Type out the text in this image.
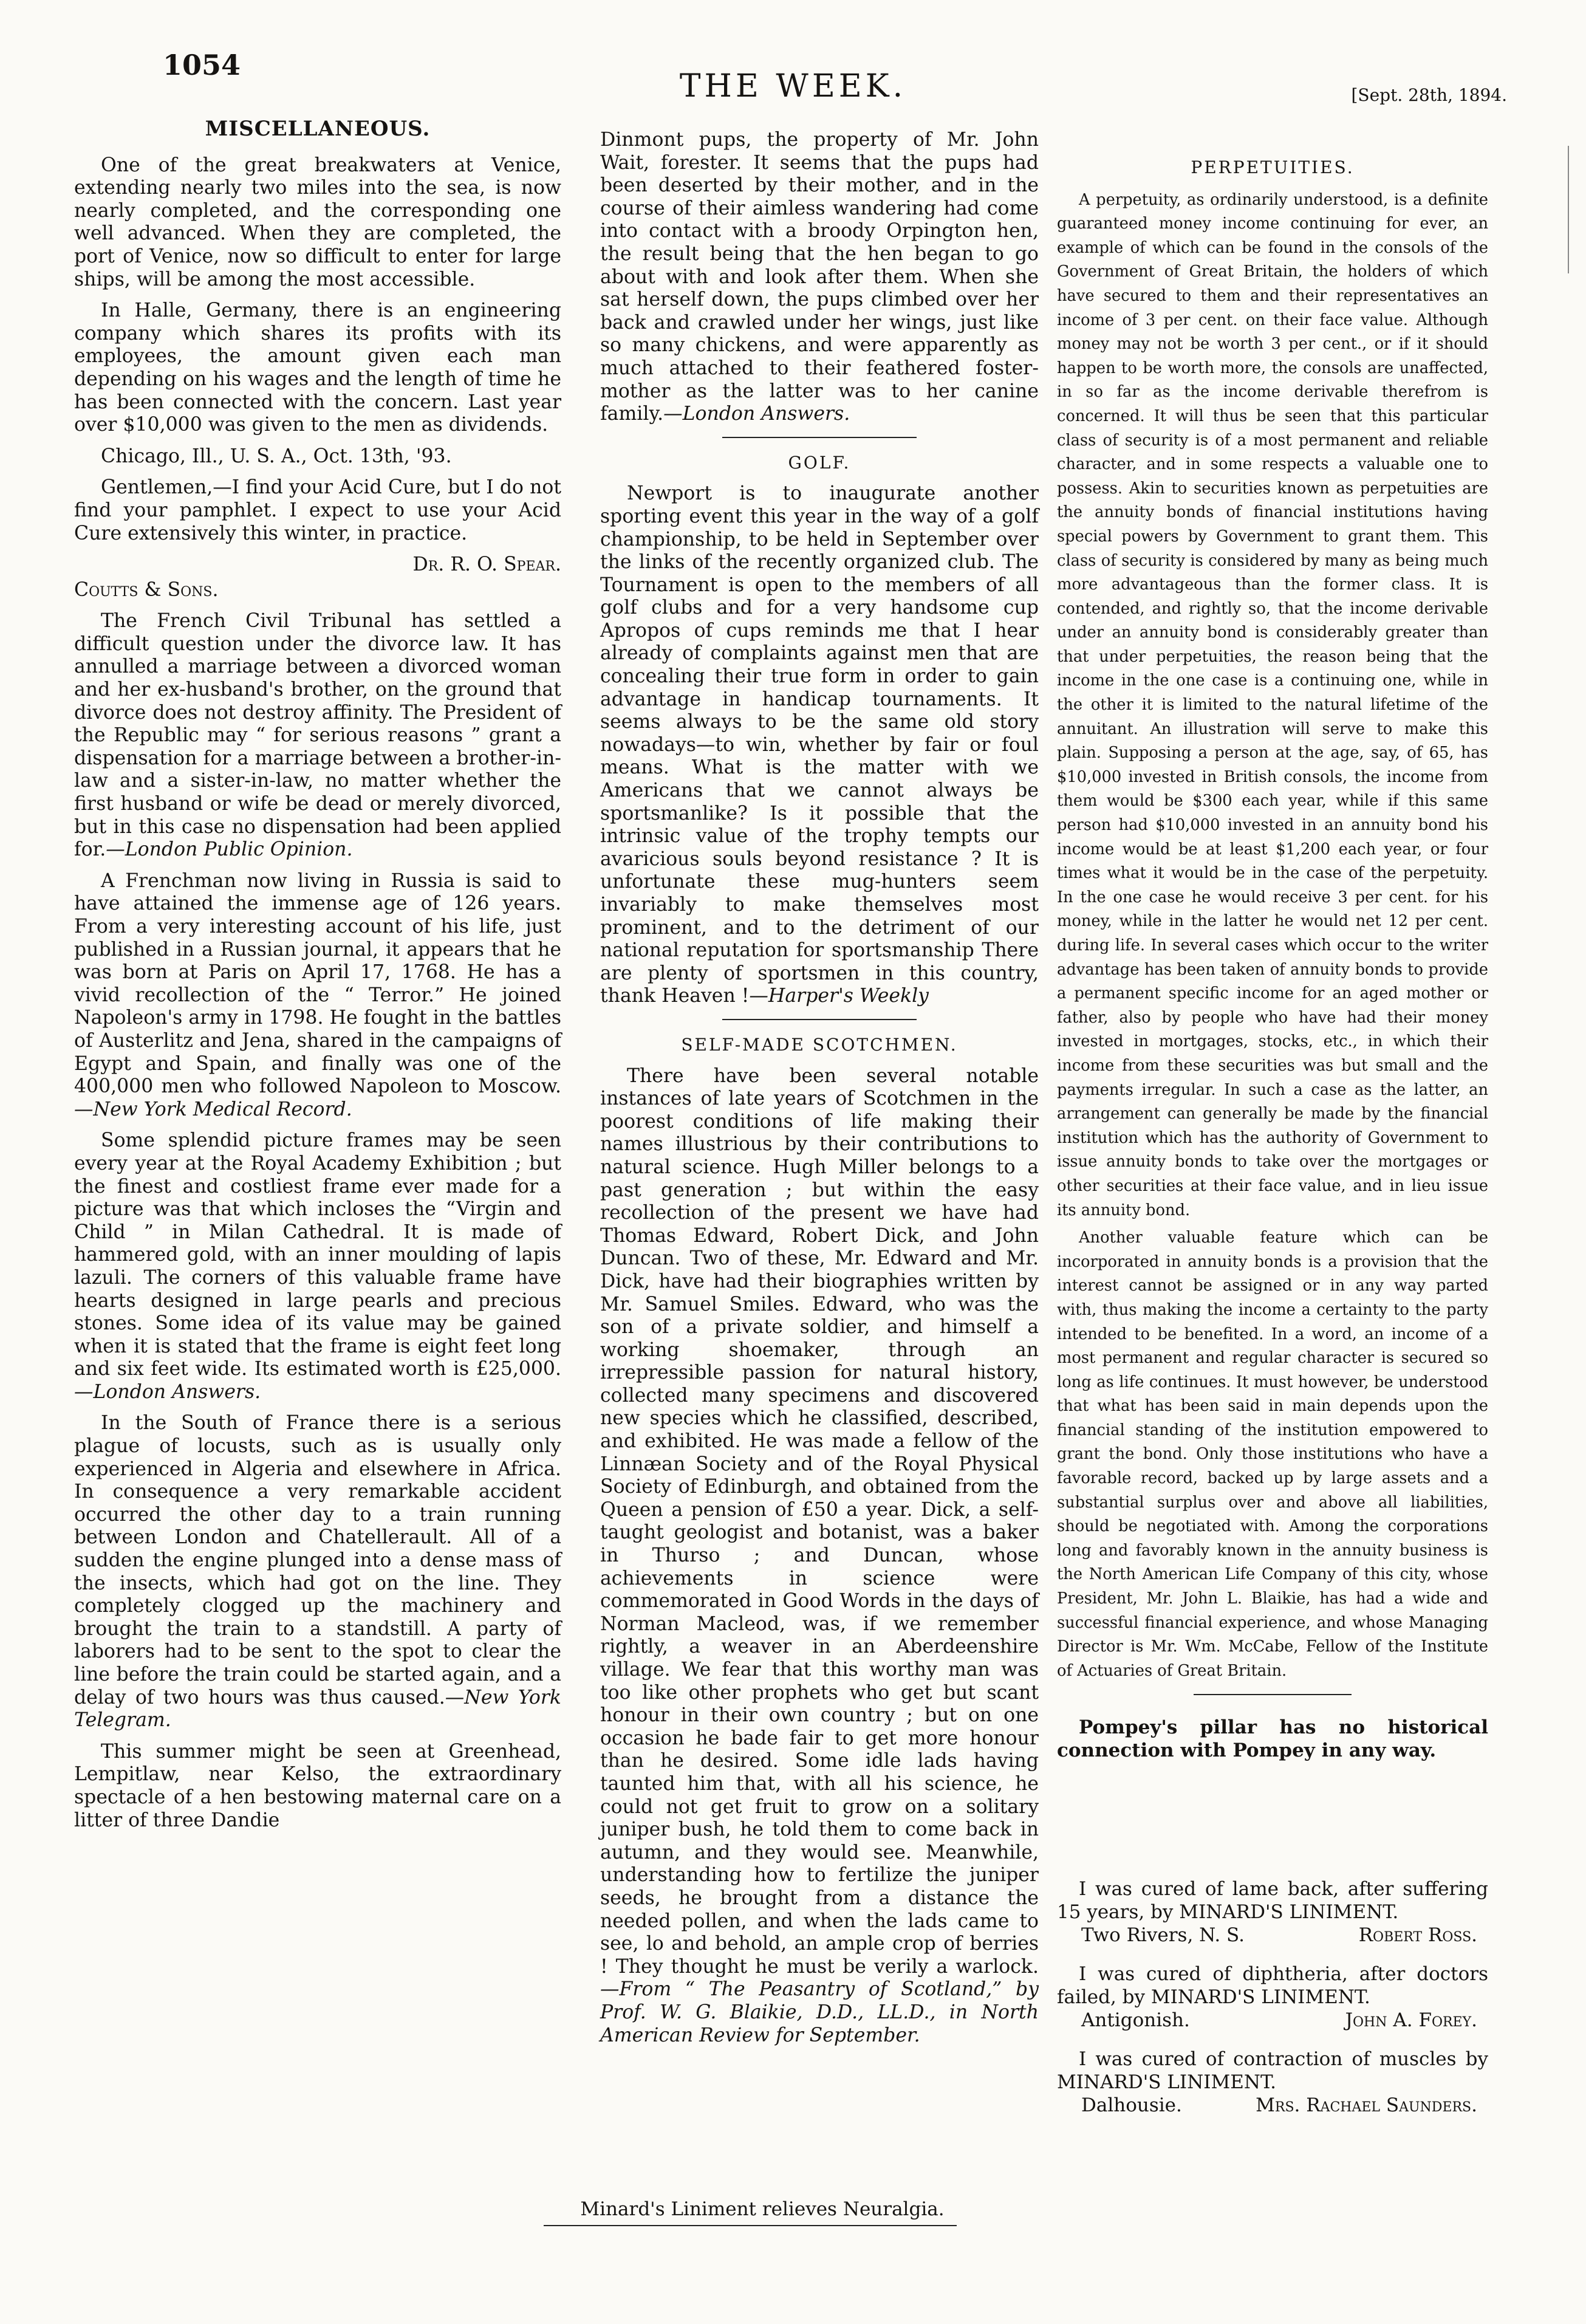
1054
THE WEEK.	[Sept. 28th, 1894.
MISCELLANEOUS.

One of the great breakwaters at Venice, extending nearly two miles into the sea, is now nearly completed, and the corresponding one well advanced. When they are completed, the port of Venice, now so difficult to enter for large ships, will be among the most accessible.

In Halle, Germany, there is an engineering company which shares its profits with its employees, the amount given each man depending on his wages and the length of time he has been connected with the concern. Last year over $10,000 was given to the men as dividends.

Chicago, Ill., U. S. A., Oct. 13th, '93.

Gentlemen,—I find your Acid Cure, but I do not find your pamphlet. I expect to use your Acid Cure extensively this winter, in practice.

Dr. R. O. Spear.

Coutts & Sons.

The French Civil Tribunal has settled a difficult question under the divorce law. It has annulled a marriage between a divorced woman and her ex-husband's brother, on the ground that divorce does not destroy affinity. The President of the Republic may “ for serious reasons ” grant a dispensation for a marriage between a brother-in-law and a sister-in-law, no matter whether the first husband or wife be dead or merely divorced, but in this case no dispensation had been applied for.—London Public Opinion.

A Frenchman now living in Russia is said to have attained the immense age of 126 years. From a very interesting account of his life, just published in a Russian journal, it appears that he was born at Paris on April 17, 1768. He has a vivid recollection of the “ Terror.” He joined Napoleon's army in 1798. He fought in the battles of Austerlitz and Jena, shared in the campaigns of Egypt and Spain, and finally was one of the 400,000 men who followed Napoleon to Moscow.—New York Medical Record.

Some splendid picture frames may be seen every year at the Royal Academy Exhibition ; but the finest and costliest frame ever made for a picture was that which incloses the “Virgin and Child ” in Milan Cathedral. It is made of hammered gold, with an inner moulding of lapis lazuli. The corners of this valuable frame have hearts designed in large pearls and precious stones. Some idea of its value may be gained when it is stated that the frame is eight feet long and six feet wide. Its estimated worth is £25,000.—London Answers.

In the South of France there is a serious plague of locusts, such as is usually only experienced in Algeria and elsewhere in Africa. In consequence a very remarkable accident occurred the other day to a train running between London and Chatellerault. All of a sudden the engine plunged into a dense mass of the insects, which had got on the line. They completely clogged up the machinery and brought the train to a standstill. A party of laborers had to be sent to the spot to clear the line before the train could be started again, and a delay of two hours was thus caused.—New York Telegram.

This summer might be seen at Greenhead, Lempitlaw, near Kelso, the extraordinary spectacle of a hen bestowing maternal care on a litter of three Dandie

Dinmont pups, the property of Mr. John Wait, forester. It seems that the pups had been deserted by their mother, and in the course of their aimless wandering had come into contact with a broody Orpington hen, the result being that the hen began to go about with and look after them. When she sat herself down, the pups climbed over her back and crawled under her wings, just like so many chickens, and were apparently as much attached to their feathered foster-mother as the latter was to her canine family.—London Answers.

GOLF.

Newport is to inaugurate another sporting event this year in the way of a golf championship, to be held in September over the links of the recently organized club. The Tournament is open to the members of all golf clubs and for a very handsome cup Apropos of cups reminds me that I hear already of complaints against men that are concealing their true form in order to gain advantage in handicap tournaments. It seems always to be the same old story nowadays—to win, whether by fair or foul means. What is the matter with we Americans that we cannot always be sportsmanlike? Is it possible that the intrinsic value of the trophy tempts our avaricious souls beyond resistance ? It is unfortunate these mug-hunters seem invariably to make themselves most prominent, and to the detriment of our national reputation for sportsmanship There are plenty of sportsmen in this country, thank Heaven !—Harper's Weekly

SELF-MADE SCOTCHMEN.

There have been several notable instances of late years of Scotchmen in the poorest conditions of life making their names illustrious by their contributions to natural science. Hugh Miller belongs to a past generation ; but within the easy recollection of the present we have had Thomas Edward, Robert Dick, and John Duncan. Two of these, Mr. Edward and Mr. Dick, have had their biographies written by Mr. Samuel Smiles. Edward, who was the son of a private soldier, and himself a working shoemaker, through an irrepressible passion for natural history, collected many specimens and discovered new species which he classified, described, and exhibited. He was made a fellow of the Linnæan Society and of the Royal Physical Society of Edinburgh, and obtained from the Queen a pension of £50 a year. Dick, a self-taught geologist and botanist, was a baker in Thurso ; and Duncan, whose achievements in science were commemorated in Good Words in the days of Norman Macleod, was, if we remember rightly, a weaver in an Aberdeenshire village. We fear that this worthy man was too like other prophets who get but scant honour in their own country ; but on one occasion he bade fair to get more honour than he desired. Some idle lads having taunted him that, with all his science, he could not get fruit to grow on a solitary juniper bush, he told them to come back in autumn, and they would see. Meanwhile, understanding how to fertilize the juniper seeds, he brought from a distance the needed pollen, and when the lads came to see, lo and behold, an ample crop of berries ! They thought he must be verily a warlock.—From “ The Peasantry of Scotland,” by Prof. W. G. Blaikie, D.D., LL.D., in North American Review for September.

Minard's Liniment relieves Neuralgia.
PERPETUITIES.

A perpetuity, as ordinarily understood, is a definite guaranteed money income continuing for ever, an example of which can be found in the consols of the Government of Great Britain, the holders of which have secured to them and their representatives an income of 3 per cent. on their face value. Although money may not be worth 3 per cent., or if it should happen to be worth more, the consols are unaffected, in so far as the income derivable therefrom is concerned. It will thus be seen that this particular class of security is of a most permanent and reliable character, and in some respects a valuable one to possess. Akin to securities known as perpetuities are the annuity bonds of financial institutions having special powers by Government to grant them. This class of security is considered by many as being much more advantageous than the former class. It is contended, and rightly so, that the income derivable under an annuity bond is considerably greater than that under perpetuities, the reason being that the income in the one case is a continuing one, while in the other it is limited to the natural lifetime of the annuitant. An illustration will serve to make this plain. Supposing a person at the age, say, of 65, has $10,000 invested in British consols, the income from them would be $300 each year, while if this same person had $10,000 invested in an annuity bond his income would be at least $1,200 each year, or four times what it would be in the case of the perpetuity. In the one case he would receive 3 per cent. for his money, while in the latter he would net 12 per cent. during life. In several cases which occur to the writer advantage has been taken of annuity bonds to provide a permanent specific income for an aged mother or father, also by people who have had their money invested in mortgages, stocks, etc., in which their income from these securities was but small and the payments irregular. In such a case as the latter, an arrangement can generally be made by the financial institution which has the authority of Government to issue annuity bonds to take over the mortgages or other securities at their face value, and in lieu issue its annuity bond.

Another valuable feature which can be incorporated in annuity bonds is a provision that the interest cannot be assigned or in any way parted with, thus making the income a certainty to the party intended to be benefited. In a word, an income of a most permanent and regular character is secured so long as life continues. It must however, be understood that what has been said in main depends upon the financial standing of the institution empowered to grant the bond. Only those institutions who have a favorable record, backed up by large assets and a substantial surplus over and above all liabilities, should be negotiated with. Among the corporations long and favorably known in the annuity business is the North American Life Company of this city, whose President, Mr. John L. Blaikie, has had a wide and successful financial experience, and whose Managing Director is Mr. Wm. McCabe, Fellow of the Institute of Actuaries of Great Britain.

Pompey's pillar has no historical connection with Pompey in any way.
I was cured of lame back, after suffering 15 years, by MINARD'S LINIMENT.
Two Rivers, N. S.	Robert Ross.
I was cured of diphtheria, after doctors failed, by MINARD'S LINIMENT.
Antigonish.	John A. Forey.
I was cured of contraction of muscles by MINARD'S LINIMENT.
Dalhousie.	Mrs. Rachael Saunders.
